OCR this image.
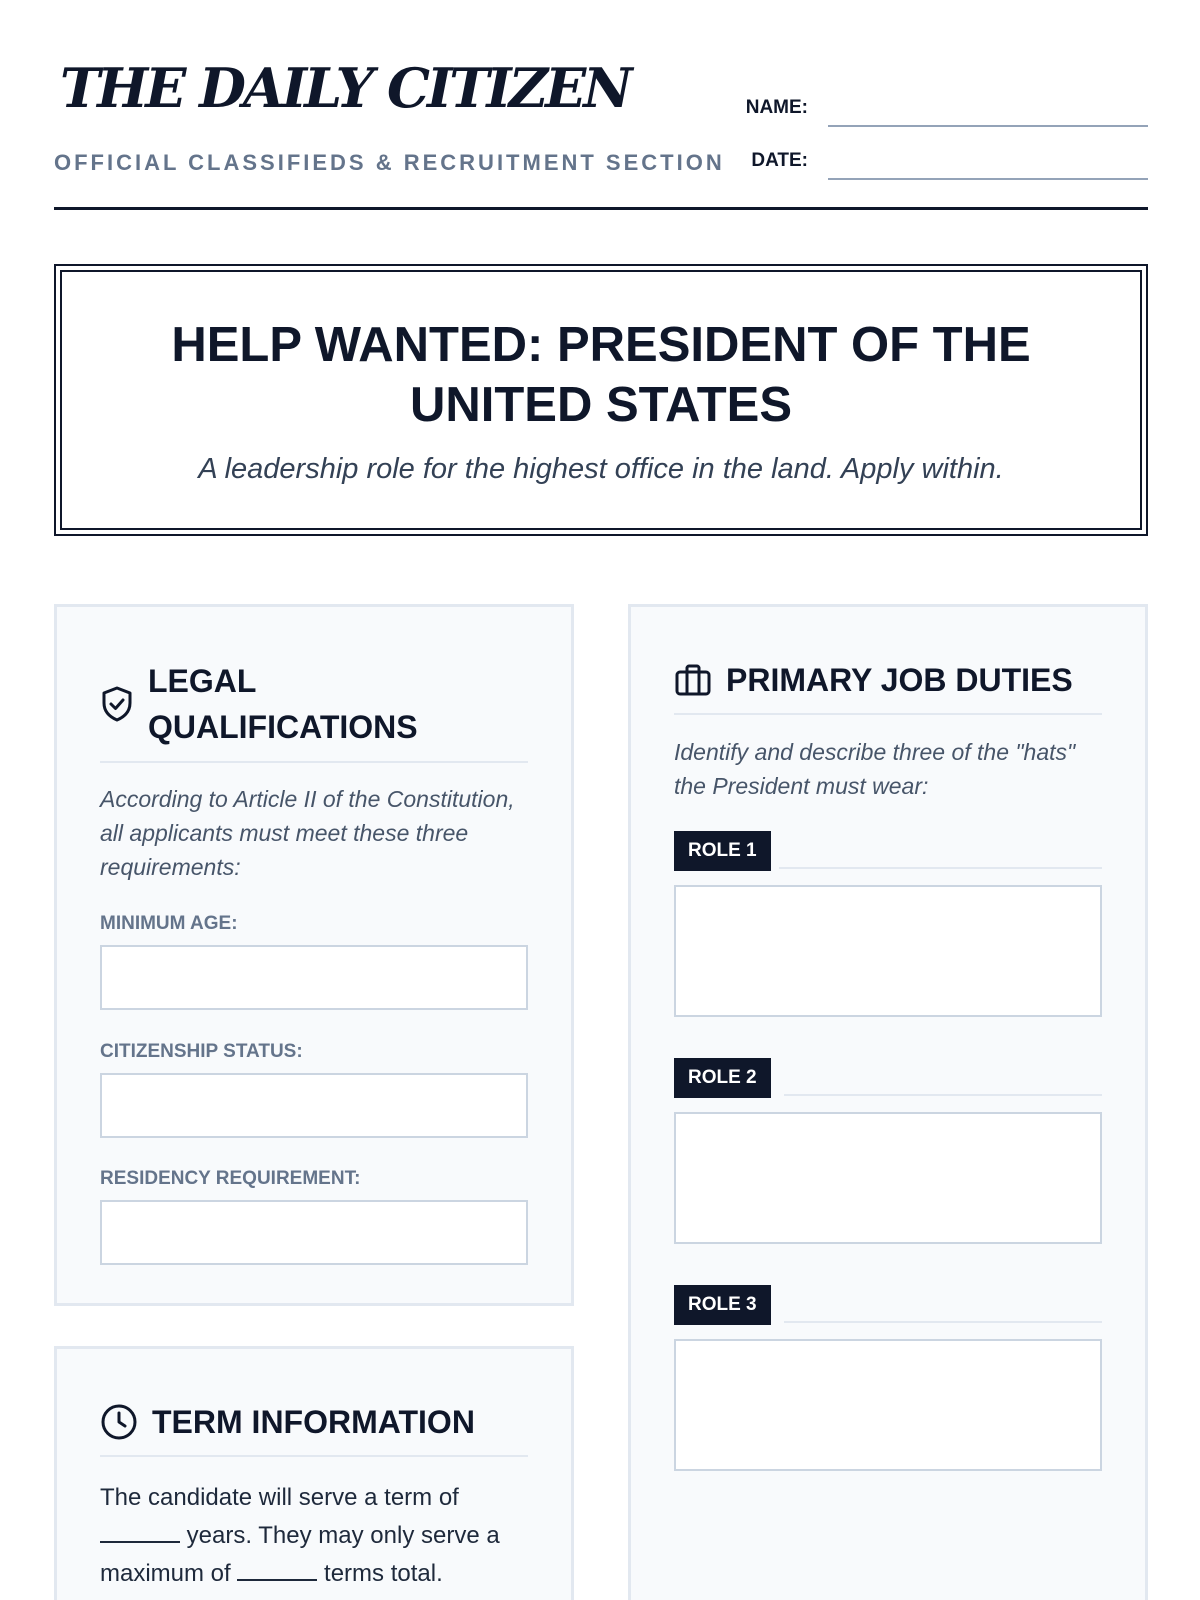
THE DAILY CITIZEN
OFFICIAL CLASSIFIEDS & RECRUITMENT SECTION
NAME:
DATE:
HELP WANTED: PRESIDENT OF THE UNITED STATES
A leadership role for the highest office in the land. Apply within.
LEGAL QUALIFICATIONS
According to Article II of the Constitution, all applicants must meet these three requirements:
MINIMUM AGE:
CITIZENSHIP STATUS:
RESIDENCY REQUIREMENT:
PRIMARY JOB DUTIES
Identify and describe three of the "hats" the President must wear:
ROLE 1
ROLE 2
ROLE 3
TERM INFORMATION
The candidate will serve a term of  years. They may only serve a maximum of	terms total.
